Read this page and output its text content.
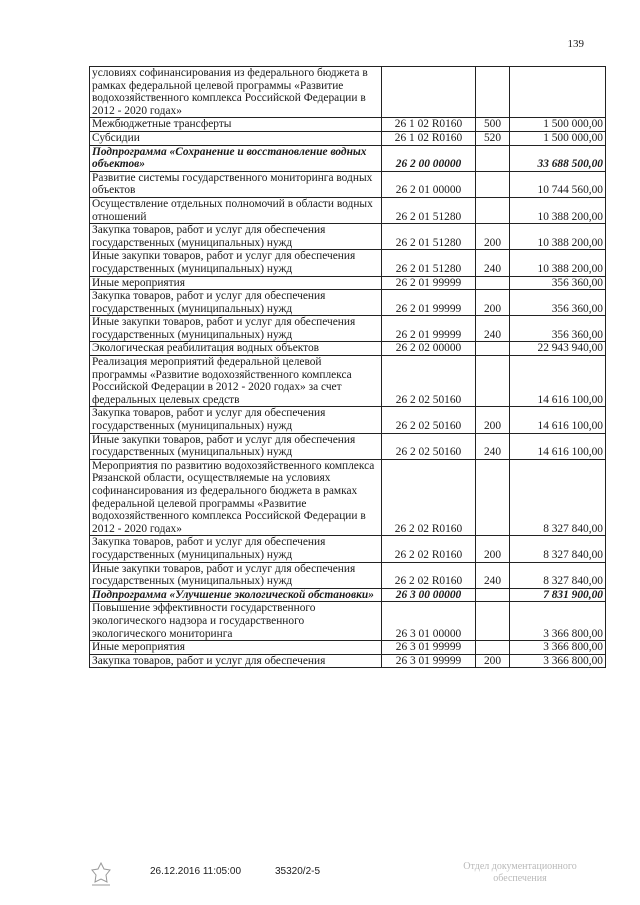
139
условиях софинансирования из федерального бюджета в рамках федеральной целевой программы «Развитие водохозяйственного комплекса Российской Федерации в 2012 - 2020 годах»			
Межбюджетные трансферты	26 1 02 R0160	500	1 500 000,00
Субсидии	26 1 02 R0160	520	1 500 000,00
Подпрограмма «Сохранение и восстановление водных объектов»	26 2 00 00000		33 688 500,00
Развитие системы государственного мониторинга водных объектов	26 2 01 00000		10 744 560,00
Осуществление отдельных полномочий в области водных отношений	26 2 01 51280		10 388 200,00
Закупка товаров, работ и услуг для обеспечения государственных (муниципальных) нужд	26 2 01 51280	200	10 388 200,00
Иные закупки товаров, работ и услуг для обеспечения государственных (муниципальных) нужд	26 2 01 51280	240	10 388 200,00
Иные мероприятия	26 2 01 99999		356 360,00
Закупка товаров, работ и услуг для обеспечения государственных (муниципальных) нужд	26 2 01 99999	200	356 360,00
Иные закупки товаров, работ и услуг для обеспечения государственных (муниципальных) нужд	26 2 01 99999	240	356 360,00
Экологическая реабилитация водных объектов	26 2 02 00000		22 943 940,00
Реализация мероприятий федеральной целевой программы «Развитие водохозяйственного комплекса Российской Федерации в 2012 - 2020 годах» за счет федеральных целевых средств	26 2 02 50160		14 616 100,00
Закупка товаров, работ и услуг для обеспечения государственных (муниципальных) нужд	26 2 02 50160	200	14 616 100,00
Иные закупки товаров, работ и услуг для обеспечения государственных (муниципальных) нужд	26 2 02 50160	240	14 616 100,00
Мероприятия по развитию водохозяйственного комплекса Рязанской области, осуществляемые на условиях софинансирования из федерального бюджета в рамках федеральной целевой программы «Развитие водохозяйственного комплекса Российской Федерации в 2012 - 2020 годах»	26 2 02 R0160		8 327 840,00
Закупка товаров, работ и услуг для обеспечения государственных (муниципальных) нужд	26 2 02 R0160	200	8 327 840,00
Иные закупки товаров, работ и услуг для обеспечения государственных (муниципальных) нужд	26 2 02 R0160	240	8 327 840,00
Подпрограмма «Улучшение экологической обстановки»	26 3 00 00000		7 831 900,00
Повышение эффективности государственного экологического надзора и государственного экологического мониторинга	26 3 01 00000		3 366 800,00
Иные мероприятия	26 3 01 99999		3 366 800,00
Закупка товаров, работ и услуг для обеспечения	26 3 01 99999	200	3 366 800,00
26.12.2016 11:05:00	35320/2-5	Отдел документационного обеспечения
